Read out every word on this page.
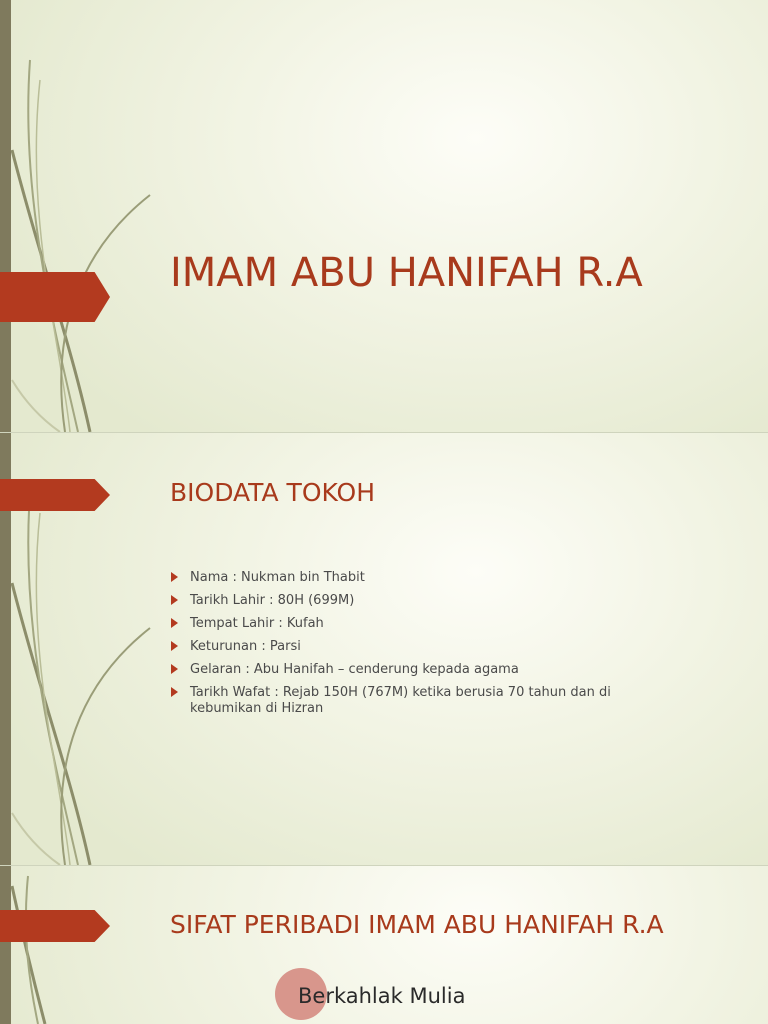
IMAM ABU HANIFAH R.A
BIODATA TOKOH
Nama : Nukman bin Thabit
Tarikh Lahir : 80H (699M)
Tempat Lahir : Kufah
Keturunan : Parsi
Gelaran : Abu Hanifah – cenderung kepada agama
Tarikh Wafat : Rejab 150H (767M) ketika berusia 70 tahun dan di kebumikan di Hizran
SIFAT PERIBADI IMAM ABU HANIFAH R.A
Berkahlak Mulia
